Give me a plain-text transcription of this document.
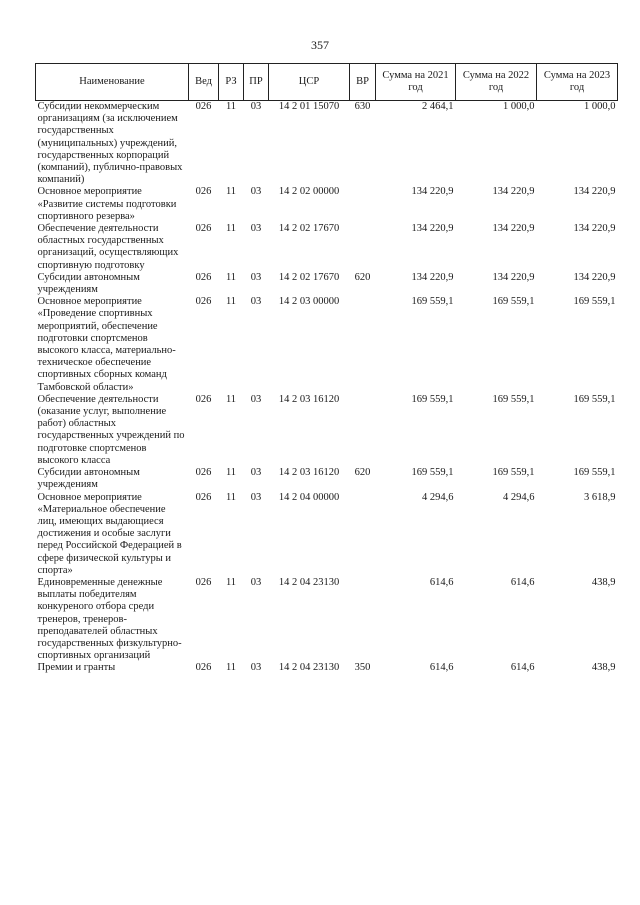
357
Наименование	Вед	РЗ	ПР	ЦСР	ВР	Сумма на 2021 год	Сумма на 2022 год	Сумма на 2023 год
Субсидии некоммерческим организациям (за исключением государственных (муниципальных) учреждений, государственных корпораций (компаний), публично-правовых компаний)	026	11	03	14 2 01 15070	630	2 464,1	1 000,0	1 000,0
Основное мероприятие «Развитие системы подготовки спортивного резерва»	026	11	03	14 2 02 00000		134 220,9	134 220,9	134 220,9
Обеспечение деятельности областных государственных организаций, осуществляющих спортивную подготовку	026	11	03	14 2 02 17670		134 220,9	134 220,9	134 220,9
Субсидии автономным учреждениям	026	11	03	14 2 02 17670	620	134 220,9	134 220,9	134 220,9
Основное мероприятие «Проведение спортивных мероприятий, обеспечение подготовки спортсменов высокого класса, материально-техническое обеспечение спортивных сборных команд Тамбовской области»	026	11	03	14 2 03 00000		169 559,1	169 559,1	169 559,1
Обеспечение деятельности (оказание услуг, выполнение работ) областных государственных учреждений по подготовке спортсменов высокого класса	026	11	03	14 2 03 16120		169 559,1	169 559,1	169 559,1
Субсидии автономным учреждениям	026	11	03	14 2 03 16120	620	169 559,1	169 559,1	169 559,1
Основное мероприятие «Материальное обеспечение лиц, имеющих выдающиеся достижения и особые заслуги перед Российской Федерацией в сфере физической культуры и спорта»	026	11	03	14 2 04 00000		4 294,6	4 294,6	3 618,9
Единовременные денежные выплаты победителям конкуреного отбора среди тренеров, тренеров-преподавателей областных государственных физкультурно-спортивных организаций	026	11	03	14 2 04 23130		614,6	614,6	438,9
Премии и гранты	026	11	03	14 2 04 23130	350	614,6	614,6	438,9
